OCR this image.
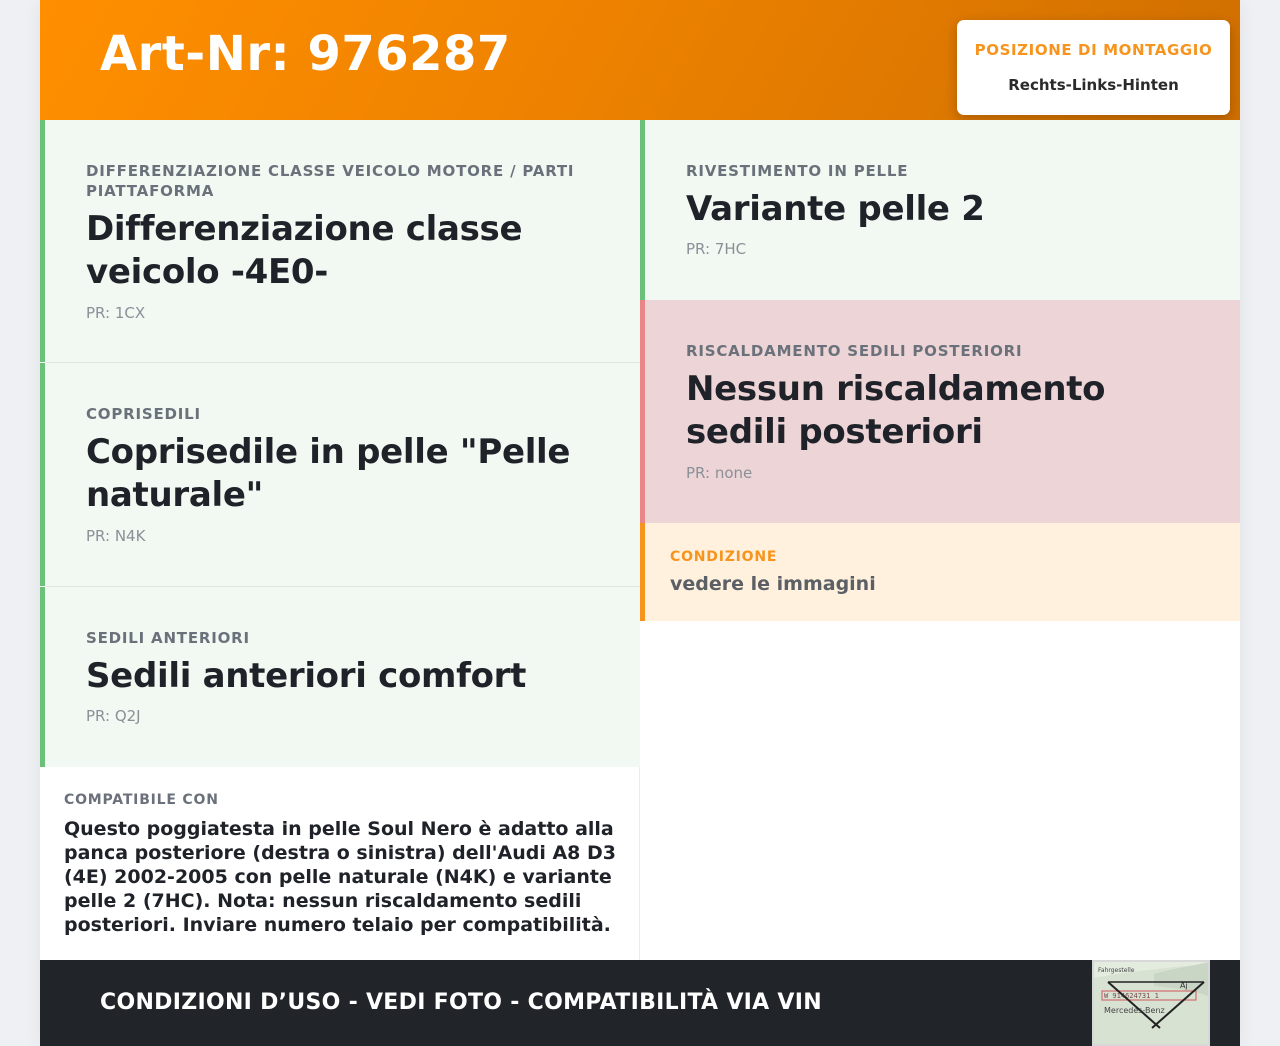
Art-Nr: 976287	POSIZIONE DI MONTAGGIO
Rechts-Links-Hinten
DIFFERENZIAZIONE CLASSE VEICOLO MOTORE / PARTI PIATTAFORMA
Differenziazione classe veicolo -4E0-
PR: 1CX
COPRISEDILI
Coprisedile in pelle "Pelle naturale"
PR: N4K
SEDILI ANTERIORI
Sedili anteriori comfort
PR: Q2J
RIVESTIMENTO IN PELLE
Variante pelle 2
PR: 7HC
RISCALDAMENTO SEDILI POSTERIORI
Nessun riscaldamento sedili posteriori
PR: none
CONDIZIONE
vedere le immagini
COMPATIBILE CON
Questo poggiatesta in pelle Soul Nero è adatto alla panca posteriore (destra o sinistra) dell'Audi A8 D3 (4E) 2002-2005 con pelle naturale (N4K) e variante pelle 2 (7HC). Nota: nessun riscaldamento sedili posteriori. Inviare numero telaio per compatibilità.
CONDIZIONI D’USO - VEDI FOTO - COMPATIBILITÀ VIA VIN
Fahrgestelle
Aj
W 914624731 1
Mercedes-Benz
